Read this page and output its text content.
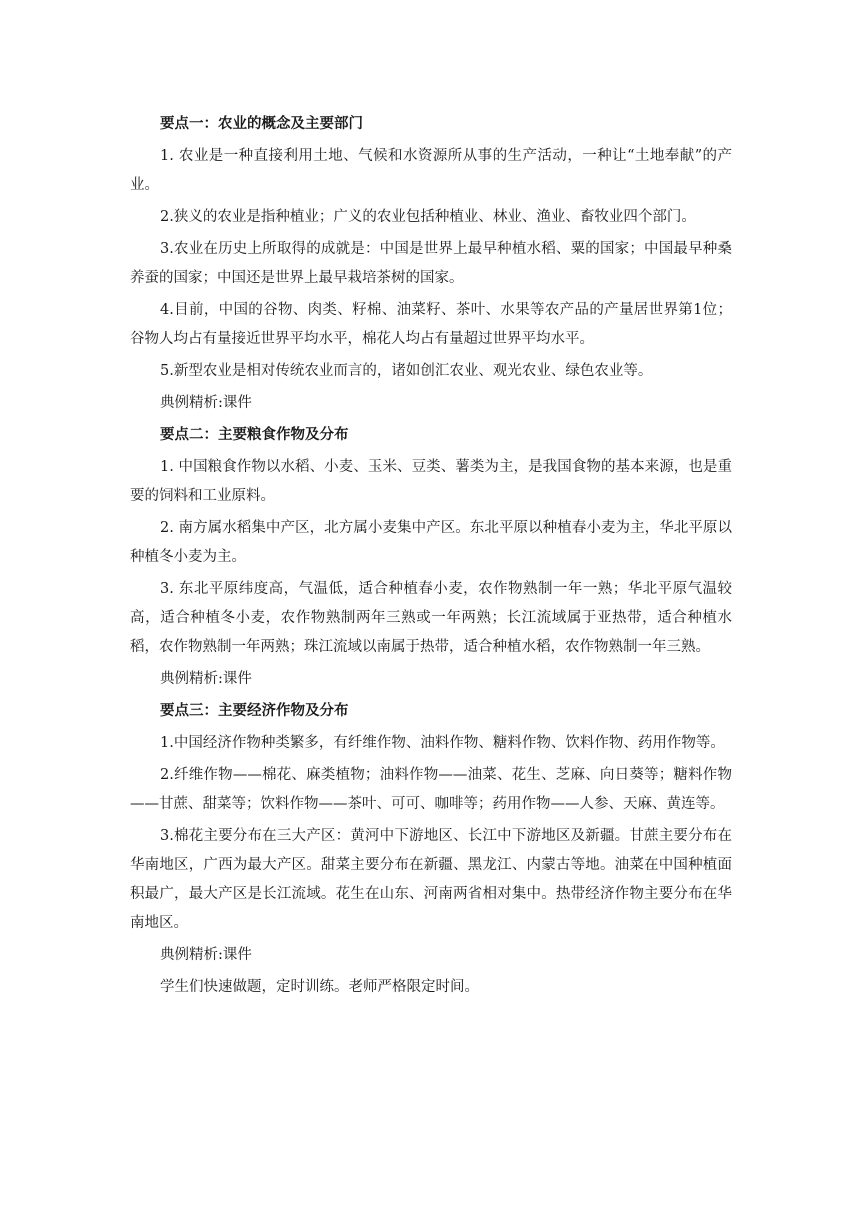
要点一：农业的概念及主要部门

1. 农业是一种直接利用土地、气候和水资源所从事的生产活动，一种让“土地奉献”的产业。

2.狭义的农业是指种植业；广义的农业包括种植业、林业、渔业、畜牧业四个部门。

3.农业在历史上所取得的成就是：中国是世界上最早种植水稻、粟的国家；中国最早种桑养蚕的国家；中国还是世界上最早栽培茶树的国家。

4.目前，中国的谷物、肉类、籽棉、油菜籽、茶叶、水果等农产品的产量居世界第1位；谷物人均占有量接近世界平均水平，棉花人均占有量超过世界平均水平。

5.新型农业是相对传统农业而言的，诸如创汇农业、观光农业、绿色农业等。

典例精析:课件

要点二：主要粮食作物及分布

1. 中国粮食作物以水稻、小麦、玉米、豆类、薯类为主，是我国食物的基本来源，也是重要的饲料和工业原料。

2. 南方属水稻集中产区，北方属小麦集中产区。东北平原以种植春小麦为主，华北平原以种植冬小麦为主。

3. 东北平原纬度高，气温低，适合种植春小麦，农作物熟制一年一熟；华北平原气温较高，适合种植冬小麦，农作物熟制两年三熟或一年两熟；长江流域属于亚热带，适合种植水稻，农作物熟制一年两熟；珠江流域以南属于热带，适合种植水稻，农作物熟制一年三熟。

典例精析:课件

要点三：主要经济作物及分布

1.中国经济作物种类繁多，有纤维作物、油料作物、糖料作物、饮料作物、药用作物等。

2.纤维作物——棉花、麻类植物；油料作物——油菜、花生、芝麻、向日葵等；糖料作物——甘蔗、甜菜等；饮料作物——茶叶、可可、咖啡等；药用作物——人参、天麻、黄连等。

3.棉花主要分布在三大产区：黄河中下游地区、长江中下游地区及新疆。甘蔗主要分布在华南地区，广西为最大产区。甜菜主要分布在新疆、黑龙江、内蒙古等地。油菜在中国种植面积最广，最大产区是长江流域。花生在山东、河南两省相对集中。热带经济作物主要分布在华南地区。

典例精析:课件

学生们快速做题，定时训练。老师严格限定时间。
